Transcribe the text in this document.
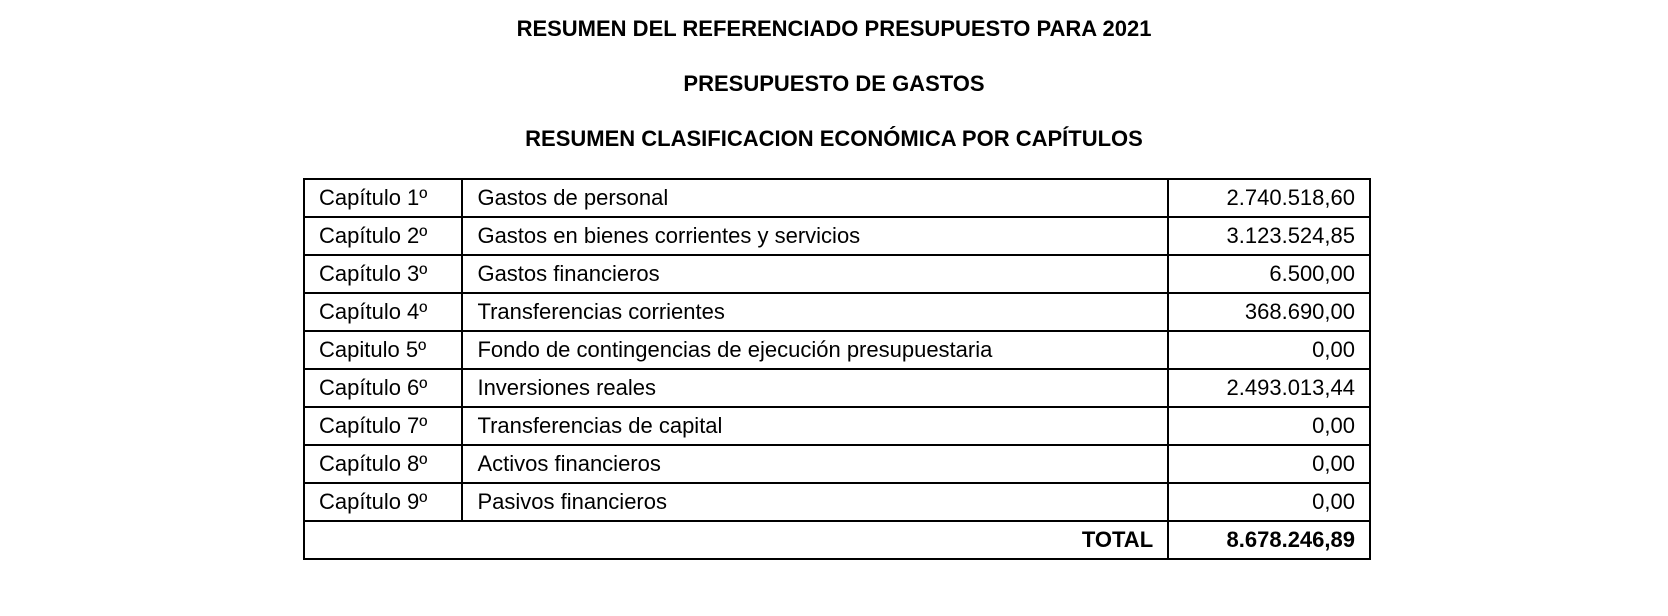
RESUMEN DEL REFERENCIADO PRESUPUESTO PARA 2021
PRESUPUESTO DE GASTOS
RESUMEN CLASIFICACION ECONÓMICA POR CAPÍTULOS
Capítulo 1º	Gastos de personal	2.740.518,60
Capítulo 2º	Gastos en bienes corrientes y servicios	3.123.524,85
Capítulo 3º	Gastos financieros	6.500,00
Capítulo 4º	Transferencias corrientes	368.690,00
Capitulo 5º	Fondo de contingencias de ejecución presupuestaria	0,00
Capítulo 6º	Inversiones reales	2.493.013,44
Capítulo 7º	Transferencias de capital	0,00
Capítulo 8º	Activos financieros	0,00
Capítulo 9º	Pasivos financieros	0,00
TOTAL		8.678.246,89
